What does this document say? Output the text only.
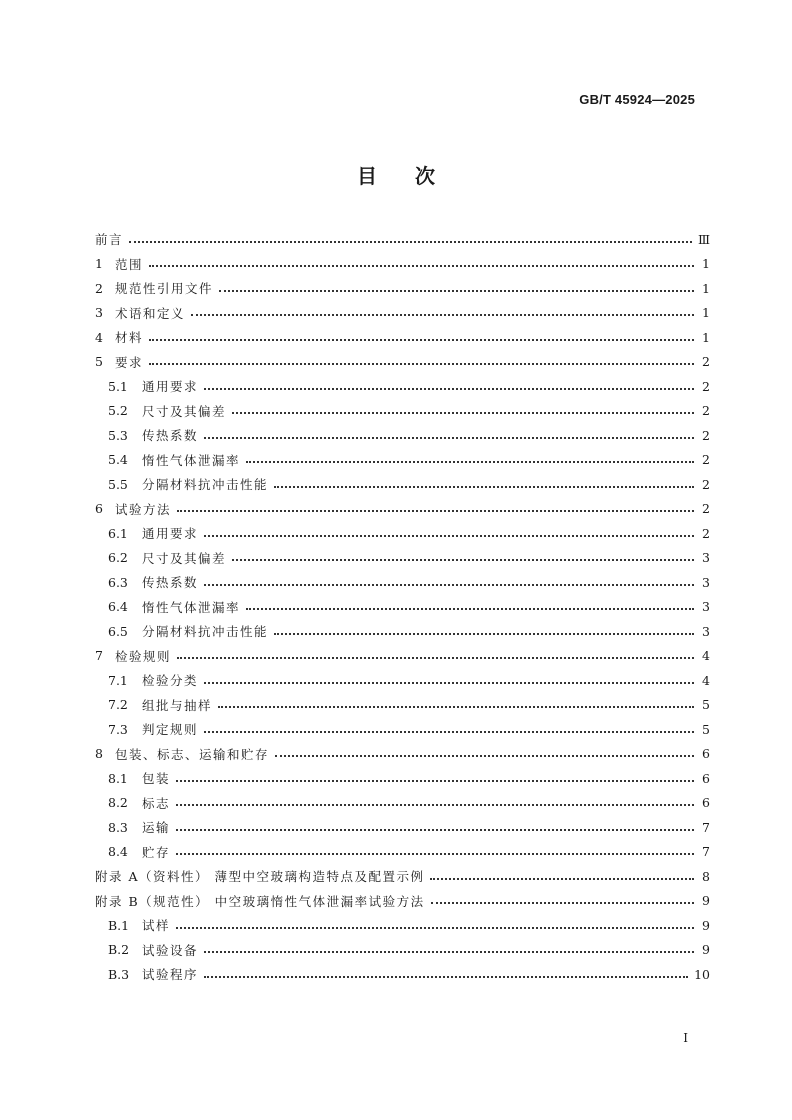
GB/T 45924—2025
目次
前言	Ⅲ
1 范围	1
2 规范性引用文件	1
3 术语和定义	1
4 材料	1
5 要求	2
5.1 通用要求	2
5.2 尺寸及其偏差	2
5.3 传热系数	2
5.4 惰性气体泄漏率	2
5.5 分隔材料抗冲击性能	2
6 试验方法	2
6.1 通用要求	2
6.2 尺寸及其偏差	3
6.3 传热系数	3
6.4 惰性气体泄漏率	3
6.5 分隔材料抗冲击性能	3
7 检验规则	4
7.1 检验分类	4
7.2 组批与抽样	5
7.3 判定规则	5
8 包装、标志、运输和贮存	6
8.1 包装	6
8.2 标志	6
8.3 运输	7
8.4 贮存	7
附录 A（资料性） 薄型中空玻璃构造特点及配置示例	8
附录 B（规范性） 中空玻璃惰性气体泄漏率试验方法	9
B.1 试样	9
B.2 试验设备	9
B.3 试验程序	10
I
